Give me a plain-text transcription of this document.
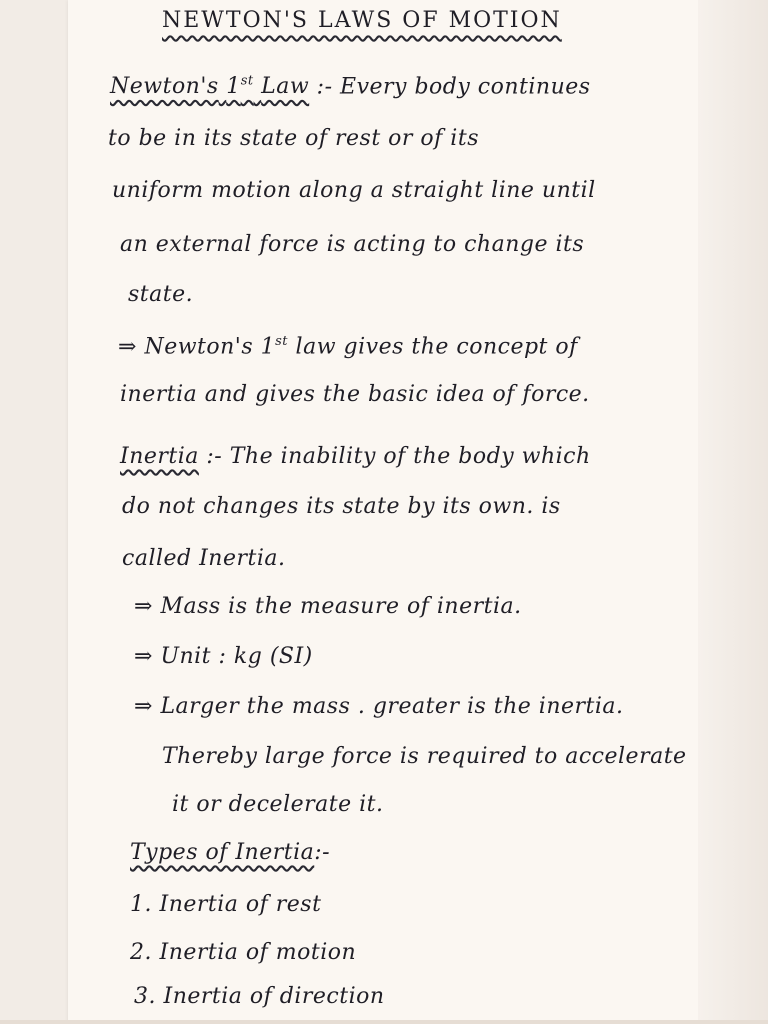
NEWTON'S LAWS OF MOTION

Newton's 1st Law :- Every body continues

to be in its state of rest or of its

uniform motion along a straight line until

an external force is acting to change its

state.

⇒ Newton's 1st law gives the concept of

inertia and gives the basic idea of force.

Inertia :- The inability of the body which

do not changes its state by its own. is

called Inertia.

⇒ Mass is the measure of inertia.

⇒ Unit : kg (SI)

⇒ Larger the mass . greater is the inertia.

Thereby large force is required to accelerate

it or decelerate it.

Types of Inertia:-

1. Inertia of rest

2. Inertia of motion

3. Inertia of direction
